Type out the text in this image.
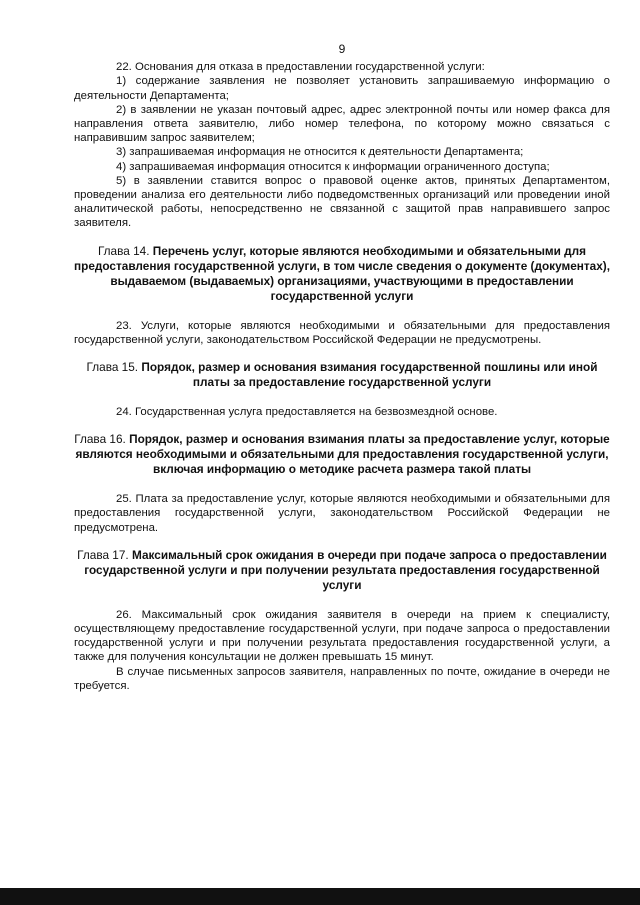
9

22. Основания для отказа в предоставлении государственной услуги:

1) содержание заявления не позволяет установить запрашиваемую информацию о деятельности Департамента;

2) в заявлении не указан почтовый адрес, адрес электронной почты или номер факса для направления ответа заявителю, либо номер телефона, по которому можно связаться с направившим запрос заявителем;

3) запрашиваемая информация не относится к деятельности Департамента;

4) запрашиваемая информация относится к информации ограниченного доступа;

5) в заявлении ставится вопрос о правовой оценке актов, принятых Департаментом, проведении анализа его деятельности либо подведомственных организаций или проведении иной аналитической работы, непосредственно не связанной с защитой прав направившего запрос заявителя.

Глава 14. Перечень услуг, которые являются необходимыми и обязательными для предоставления государственной услуги, в том числе сведения о документе (документах), выдаваемом (выдаваемых) организациями, участвующими в предоставлении государственной услуги

23. Услуги, которые являются необходимыми и обязательными для предоставления государственной услуги, законодательством Российской Федерации не предусмотрены.

Глава 15. Порядок, размер и основания взимания государственной пошлины или иной платы за предоставление государственной услуги

24. Государственная услуга предоставляется на безвозмездной основе.

Глава 16. Порядок, размер и основания взимания платы за предоставление услуг, которые являются необходимыми и обязательными для предоставления государственной услуги, включая информацию о методике расчета размера такой платы

25. Плата за предоставление услуг, которые являются необходимыми и обязательными для предоставления государственной услуги, законодательством Российской Федерации не предусмотрена.

Глава 17. Максимальный срок ожидания в очереди при подаче запроса о предоставлении государственной услуги и при получении результата предоставления государственной услуги

26. Максимальный срок ожидания заявителя в очереди на прием к специалисту, осуществляющему предоставление государственной услуги, при подаче запроса о предоставлении государственной услуги и при получении результата предоставления государственной услуги, а также для получения консультации не должен превышать 15 минут.

В случае письменных запросов заявителя, направленных по почте, ожидание в очереди не требуется.
